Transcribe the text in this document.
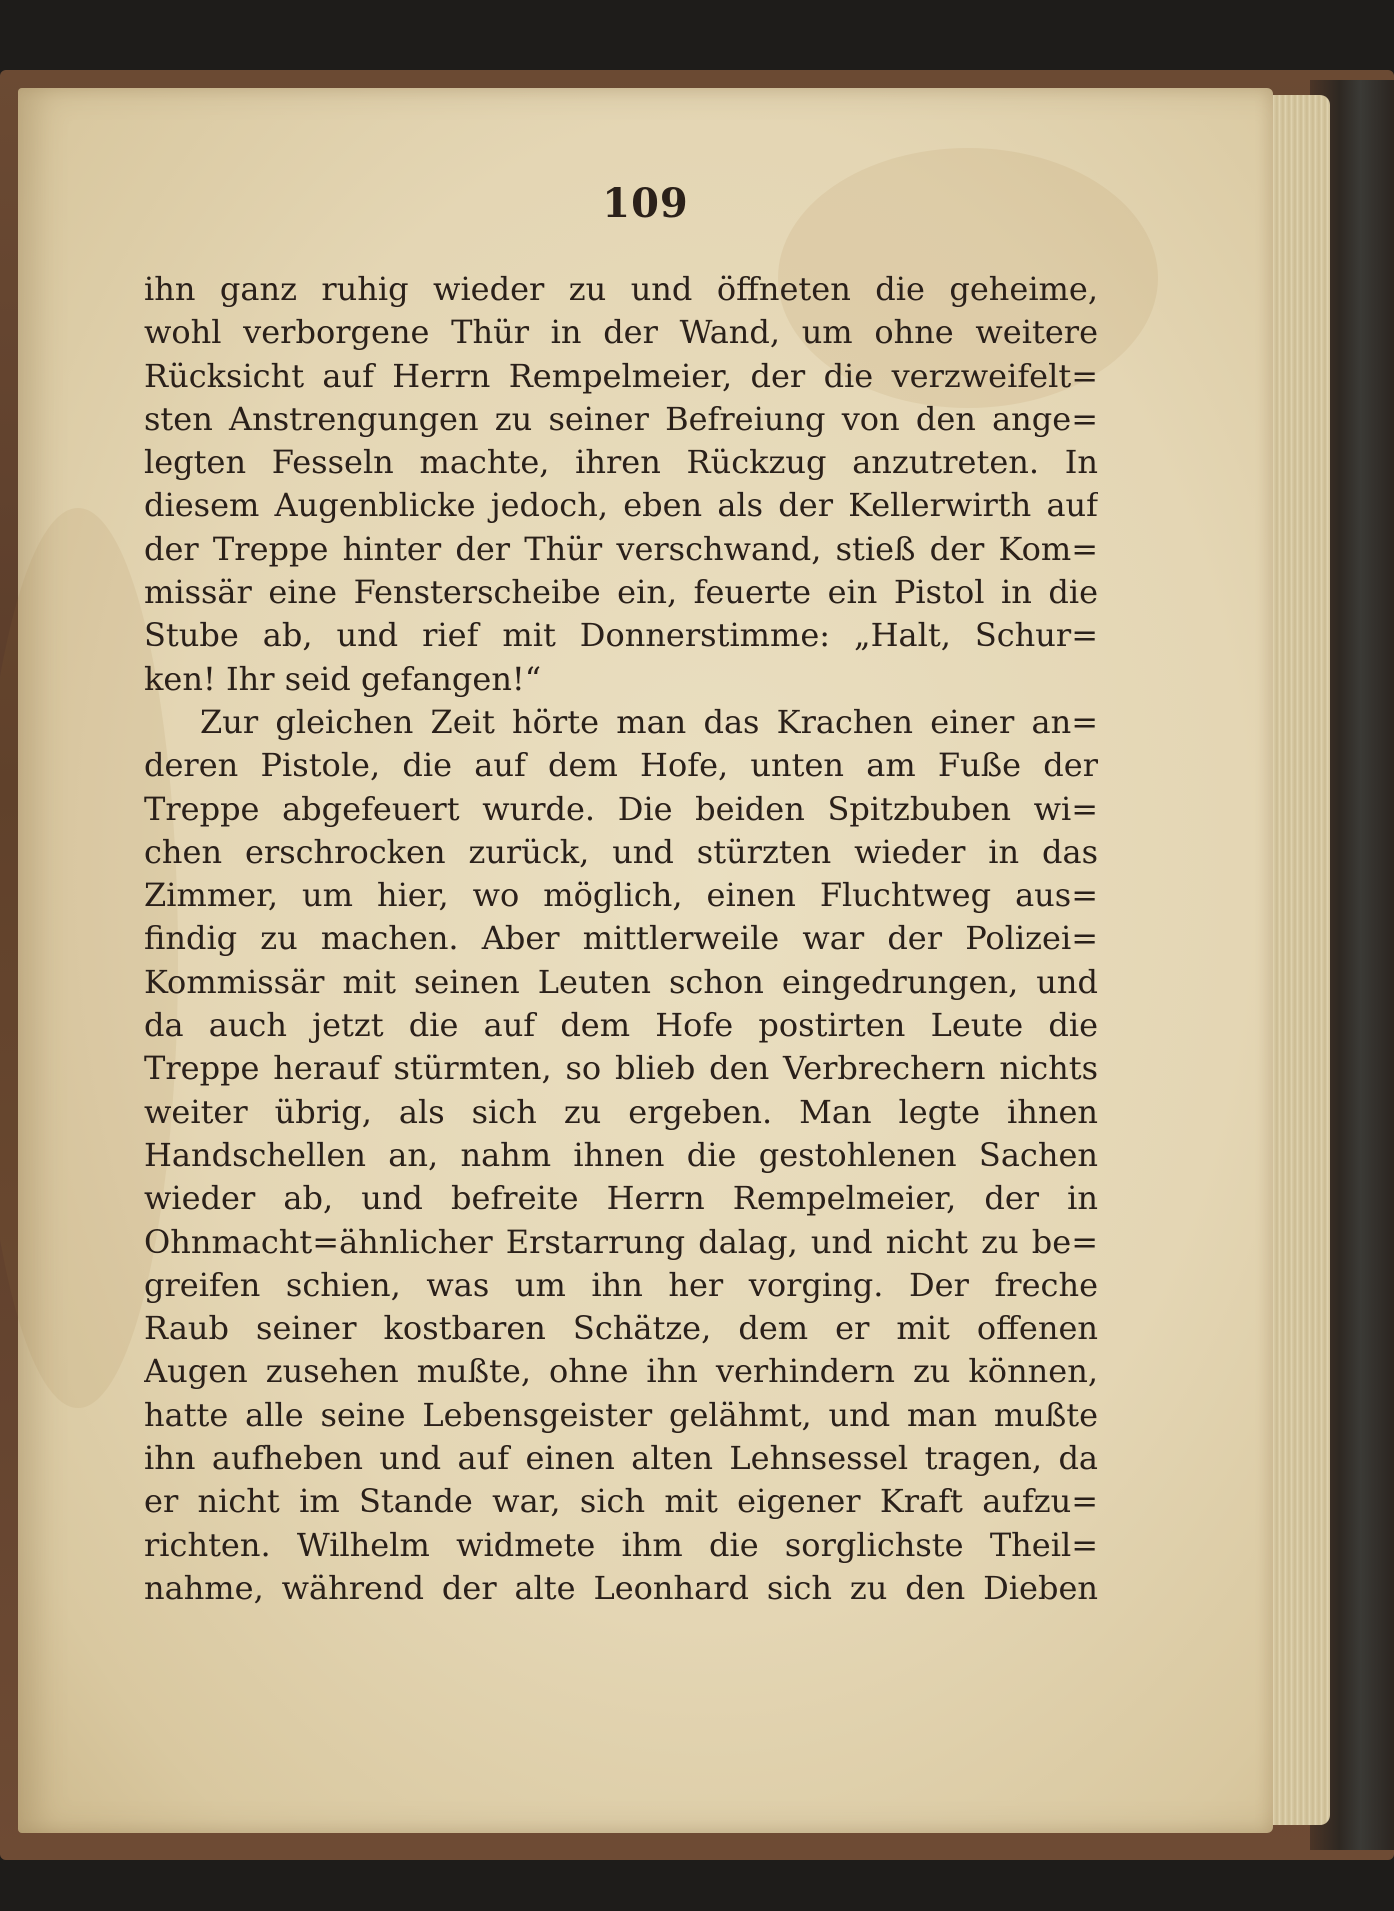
109
ihn ganz ruhig wieder zu und öffneten die geheime,
wohl verborgene Thür in der Wand, um ohne weitere
Rücksicht auf Herrn Rempelmeier, der die verzweifelt=
sten Anstrengungen zu seiner Befreiung von den ange=
legten Fesseln machte, ihren Rückzug anzutreten. In
diesem Augenblicke jedoch, eben als der Kellerwirth auf
der Treppe hinter der Thür verschwand, stieß der Kom=
missär eine Fensterscheibe ein, feuerte ein Pistol in die
Stube ab, und rief mit Donnerstimme: „Halt, Schur=
ken! Ihr seid gefangen!“
Zur gleichen Zeit hörte man das Krachen einer an=
deren Pistole, die auf dem Hofe, unten am Fuße der
Treppe abgefeuert wurde. Die beiden Spitzbuben wi=
chen erschrocken zurück, und stürzten wieder in das
Zimmer, um hier, wo möglich, einen Fluchtweg aus=
findig zu machen. Aber mittlerweile war der Polizei=
Kommissär mit seinen Leuten schon eingedrungen, und
da auch jetzt die auf dem Hofe postirten Leute die
Treppe herauf stürmten, so blieb den Verbrechern nichts
weiter übrig, als sich zu ergeben. Man legte ihnen
Handschellen an, nahm ihnen die gestohlenen Sachen
wieder ab, und befreite Herrn Rempelmeier, der in
Ohnmacht=ähnlicher Erstarrung dalag, und nicht zu be=
greifen schien, was um ihn her vorging. Der freche
Raub seiner kostbaren Schätze, dem er mit offenen
Augen zusehen mußte, ohne ihn verhindern zu können,
hatte alle seine Lebensgeister gelähmt, und man mußte
ihn aufheben und auf einen alten Lehnsessel tragen, da
er nicht im Stande war, sich mit eigener Kraft aufzu=
richten. Wilhelm widmete ihm die sorglichste Theil=
nahme, während der alte Leonhard sich zu den Dieben
